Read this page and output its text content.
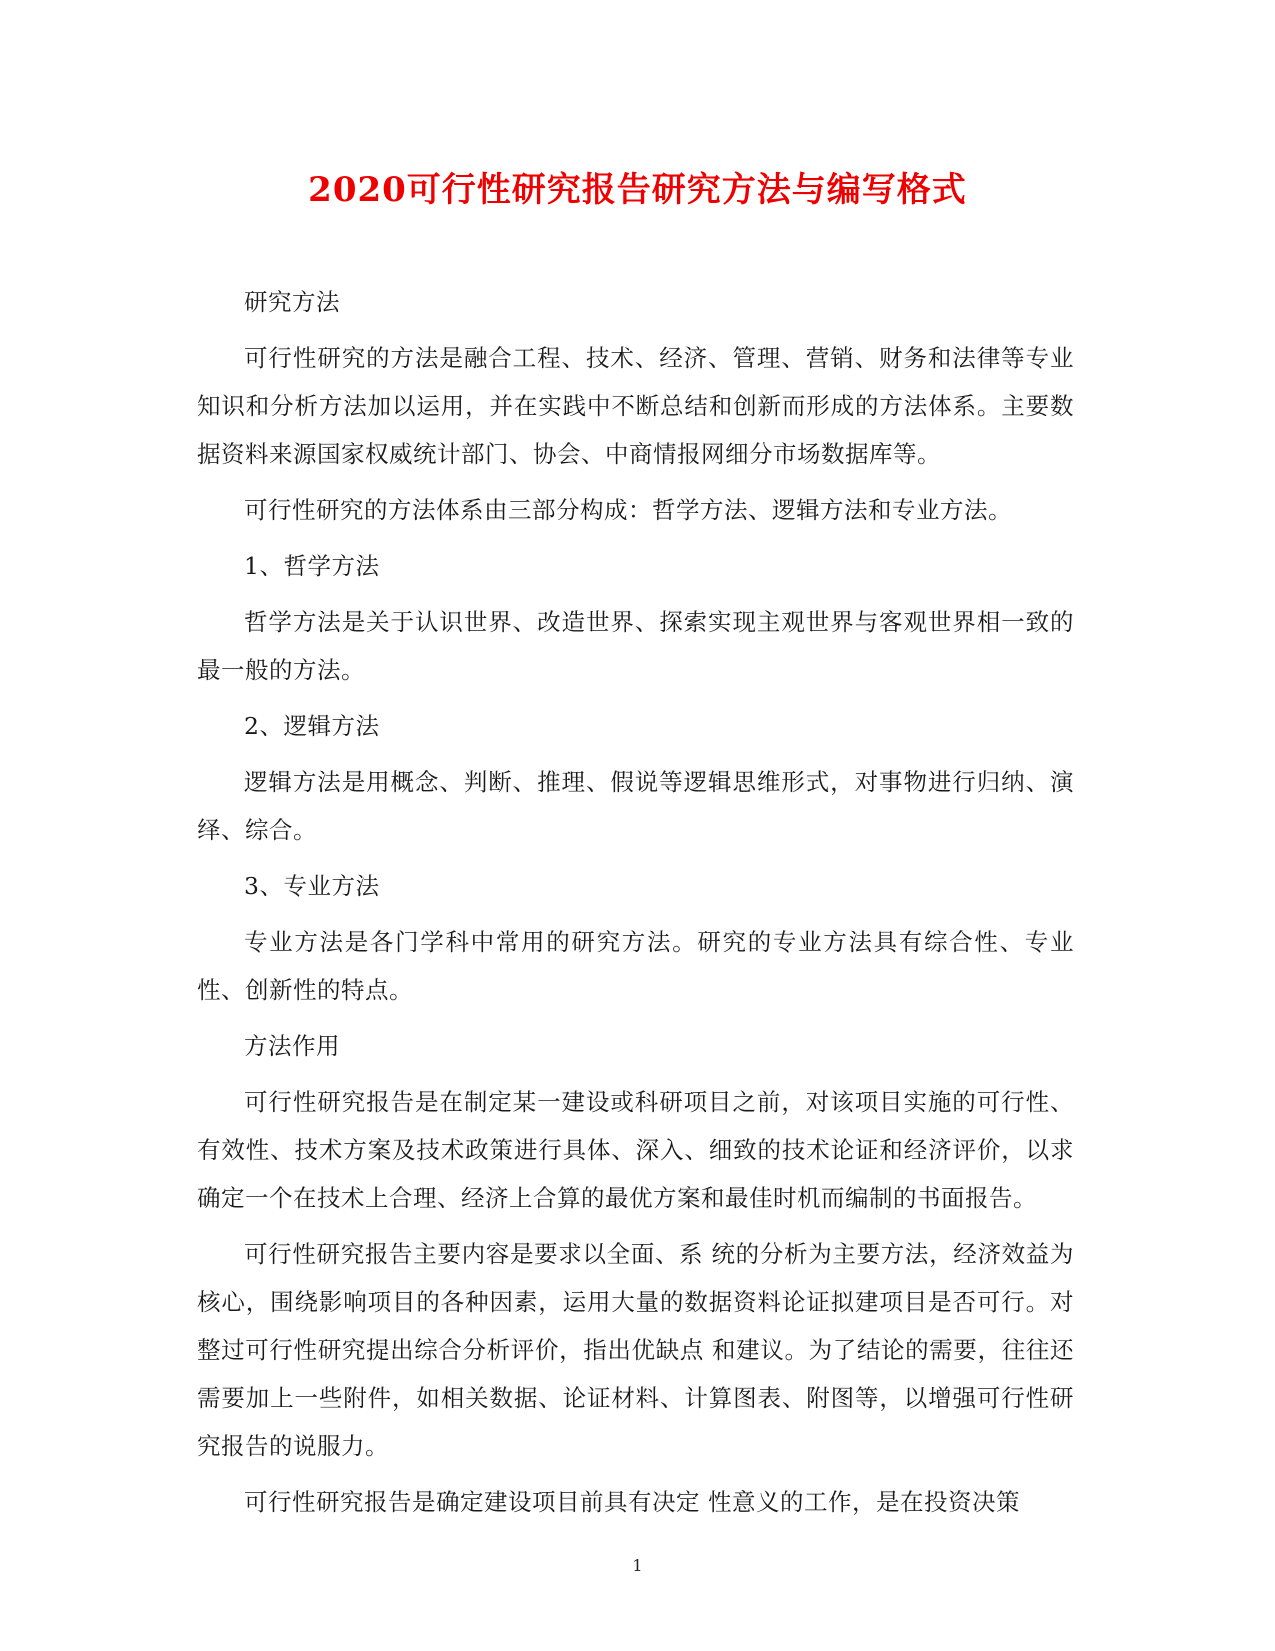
2020可行性研究报告研究方法与编写格式

研究方法

可行性研究的方法是融合工程、技术、经济、管理、营销、财务和法律等专业知识和分析方法加以运用，并在实践中不断总结和创新而形成的方法体系。主要数据资料来源国家权威统计部门、协会、中商情报网细分市场数据库等。

可行性研究的方法体系由三部分构成：哲学方法、逻辑方法和专业方法。

1、哲学方法

哲学方法是关于认识世界、改造世界、探索实现主观世界与客观世界相一致的最一般的方法。

2、逻辑方法

逻辑方法是用概念、判断、推理、假说等逻辑思维形式，对事物进行归纳、演绎、综合。

3、专业方法

专业方法是各门学科中常用的研究方法。研究的专业方法具有综合性、专业性、创新性的特点。

方法作用

可行性研究报告是在制定某一建设或科研项目之前，对该项目实施的可行性、有效性、技术方案及技术政策进行具体、深入、细致的技术论证和经济评价，以求确定一个在技术上合理、经济上合算的最优方案和最佳时机而编制的书面报告。

可行性研究报告主要内容是要求以全面、系 统的分析为主要方法，经济效益为核心，围绕影响项目的各种因素，运用大量的数据资料论证拟建项目是否可行。对整过可行性研究提出综合分析评价，指出优缺点 和建议。为了结论的需要，往往还需要加上一些附件，如相关数据、论证材料、计算图表、附图等，以增强可行性研究报告的说服力。

可行性研究报告是确定建设项目前具有决定 性意义的工作，是在投资决策

1
